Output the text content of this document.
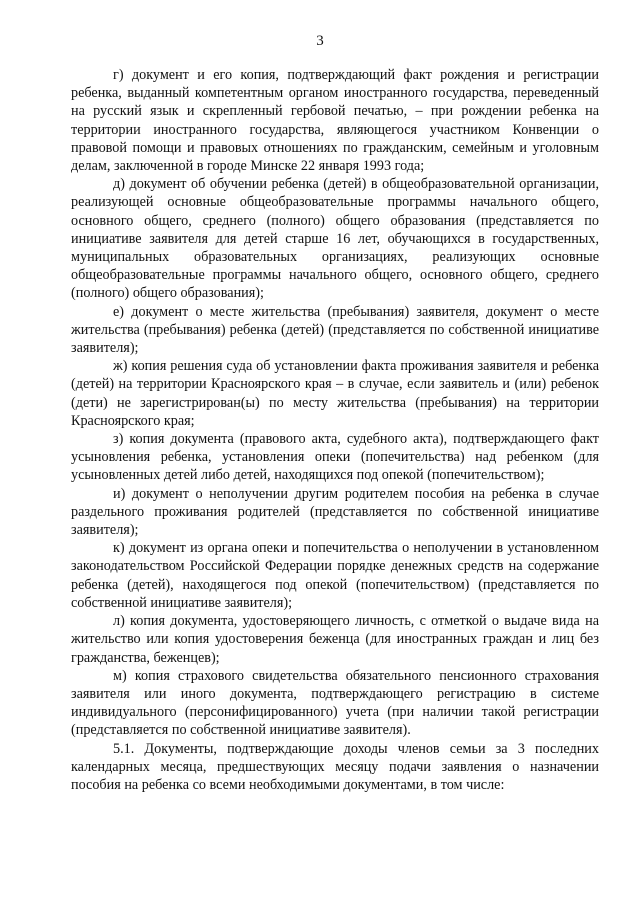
3

г) документ и его копия, подтверждающий факт рождения и регистрации ребенка, выданный компетентным органом иностранного государства, переведенный на русский язык и скрепленный гербовой печатью, – при рождении ребенка на территории иностранного государства, являющегося участником Конвенции о правовой помощи и правовых отношениях по гражданским, семейным и уголовным делам, заключенной в городе Минске 22 января 1993 года;

д) документ об обучении ребенка (детей) в общеобразовательной организации, реализующей основные общеобразовательные программы начального общего, основного общего, среднего (полного) общего образования (представляется по инициативе заявителя для детей старше 16 лет, обучающихся в государственных, муниципальных образовательных организациях, реализующих основные общеобразовательные программы начального общего, основного общего, среднего (полного) общего образования);

е) документ о месте жительства (пребывания) заявителя, документ о месте жительства (пребывания) ребенка (детей) (представляется по собственной инициативе заявителя);

ж) копия решения суда об установлении факта проживания заявителя и ребенка (детей) на территории Красноярского края – в случае, если заявитель и (или) ребенок (дети) не зарегистрирован(ы) по месту жительства (пребывания) на территории Красноярского края;

з) копия документа (правового акта, судебного акта), подтверждающего факт усыновления ребенка, установления опеки (попечительства) над ребенком (для усыновленных детей либо детей, находящихся под опекой (попечительством);

и) документ о неполучении другим родителем пособия на ребенка в случае раздельного проживания родителей (представляется по собственной инициативе заявителя);

к) документ из органа опеки и попечительства о неполучении в установленном законодательством Российской Федерации порядке денежных средств на содержание ребенка (детей), находящегося под опекой (попечительством) (представляется по собственной инициативе заявителя);

л) копия документа, удостоверяющего личность, с отметкой о выдаче вида на жительство или копия удостоверения беженца (для иностранных граждан и лиц без гражданства, беженцев);

м) копия страхового свидетельства обязательного пенсионного страхования заявителя или иного документа, подтверждающего регистрацию в системе индивидуального (персонифицированного) учета (при наличии такой регистрации (представляется по собственной инициативе заявителя).

5.1. Документы, подтверждающие доходы членов семьи за 3 последних календарных месяца, предшествующих месяцу подачи заявления о назначении пособия на ребенка со всеми необходимыми документами, в том числе:
